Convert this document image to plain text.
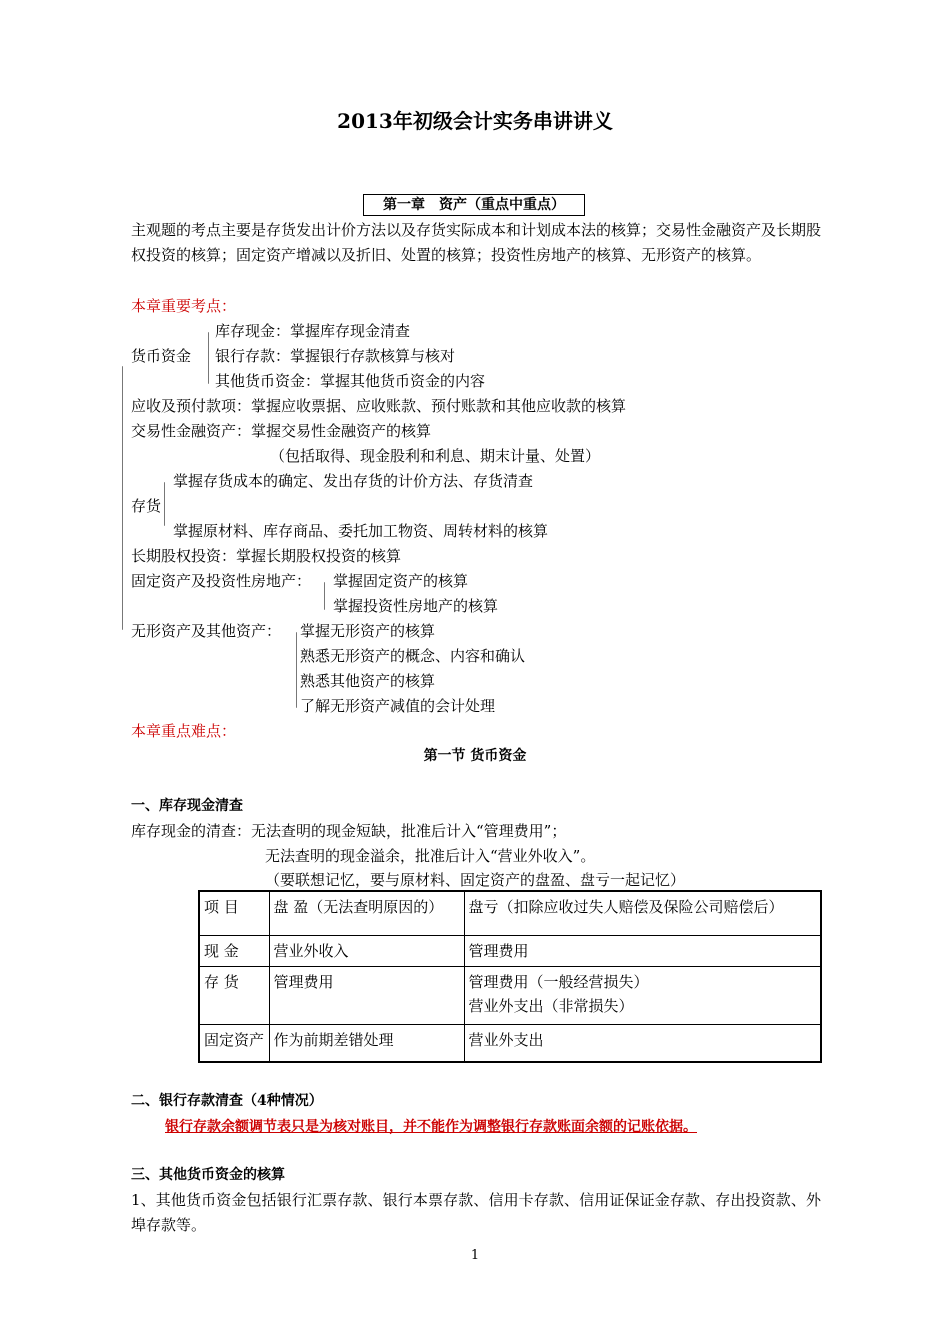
2013年初级会计实务串讲讲义
第一章　资产（重点中重点）
主观题的考点主要是存货发出计价方法以及存货实际成本和计划成本法的核算；交易性金融资产及长期股权投资的核算；固定资产增减以及折旧、处置的核算；投资性房地产的核算、无形资产的核算。
本章重要考点：
库存现金：掌握库存现金清查
货币资金 银行存款：掌握银行存款核算与核对
其他货币资金：掌握其他货币资金的内容
应收及预付款项：掌握应收票据、应收账款、预付账款和其他应收款的核算
交易性金融资产：掌握交易性金融资产的核算
（包括取得、现金股利和利息、期末计量、处置）
掌握存货成本的确定、发出存货的计价方法、存货清查
存货
掌握原材料、库存商品、委托加工物资、周转材料的核算
长期股权投资：掌握长期股权投资的核算
固定资产及投资性房地产： 掌握固定资产的核算
掌握投资性房地产的核算
无形资产及其他资产： 掌握无形资产的核算
熟悉无形资产的概念、内容和确认
熟悉其他资产的核算
了解无形资产减值的会计处理
本章重点难点：
第一节 货币资金
一、库存现金清查
库存现金的清查：无法查明的现金短缺，批准后计入“管理费用”；
无法查明的现金溢余，批准后计入“营业外收入”。
（要联想记忆，要与原材料、固定资产的盘盈、盘亏一起记忆）
项 目	盘 盈（无法查明原因的）	盘亏（扣除应收过失人赔偿及保险公司赔偿后）
现 金	营业外收入	管理费用
存 货	管理费用	管理费用（一般经营损失）
营业外支出（非常损失）

固定资产	作为前期差错处理	营业外支出
二、银行存款清查（4种情况）
银行存款余额调节表只是为核对账目，并不能作为调整银行存款账面余额的记账依据。
三、其他货币资金的核算
1、其他货币资金包括银行汇票存款、银行本票存款、信用卡存款、信用证保证金存款、存出投资款、外埠存款等。
1
